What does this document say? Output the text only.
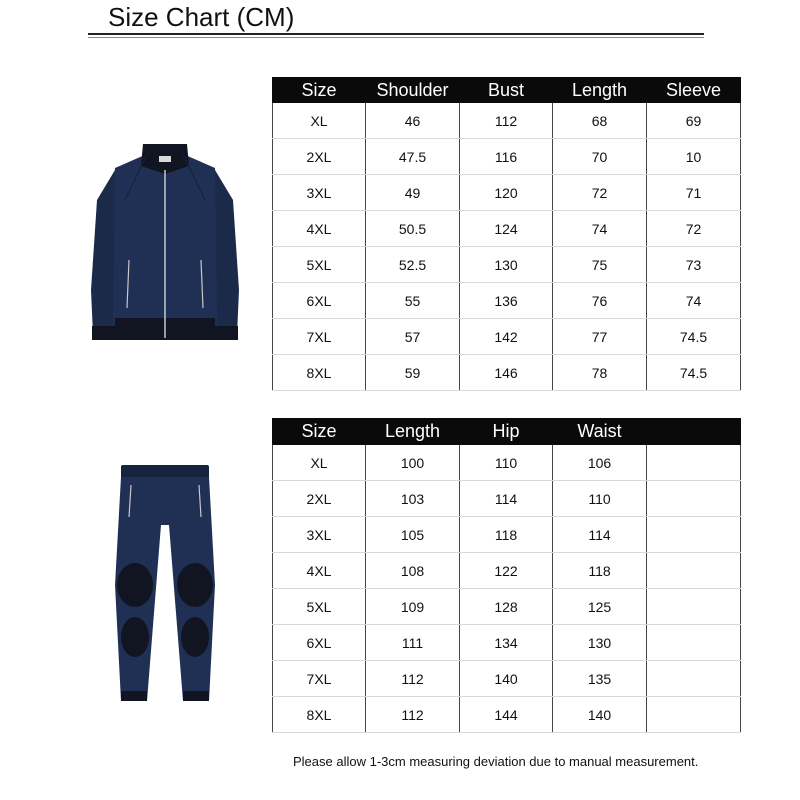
Size Chart (CM)
Size	Shoulder	Bust	Length	Sleeve
XL	46	112	68	69
2XL	47.5	116	70	10
3XL	49	120	72	71
4XL	50.5	124	74	72
5XL	52.5	130	75	73
6XL	55	136	76	74
7XL	57	142	77	74.5
8XL	59	146	78	74.5
Size	Length	Hip	Waist	
XL	100	110	106	
2XL	103	114	110	
3XL	105	118	114	
4XL	108	122	118	
5XL	109	128	125	
6XL	111	134	130	
7XL	112	140	135	
8XL	112	144	140	
Please allow 1-3cm measuring deviation due to manual measurement.
